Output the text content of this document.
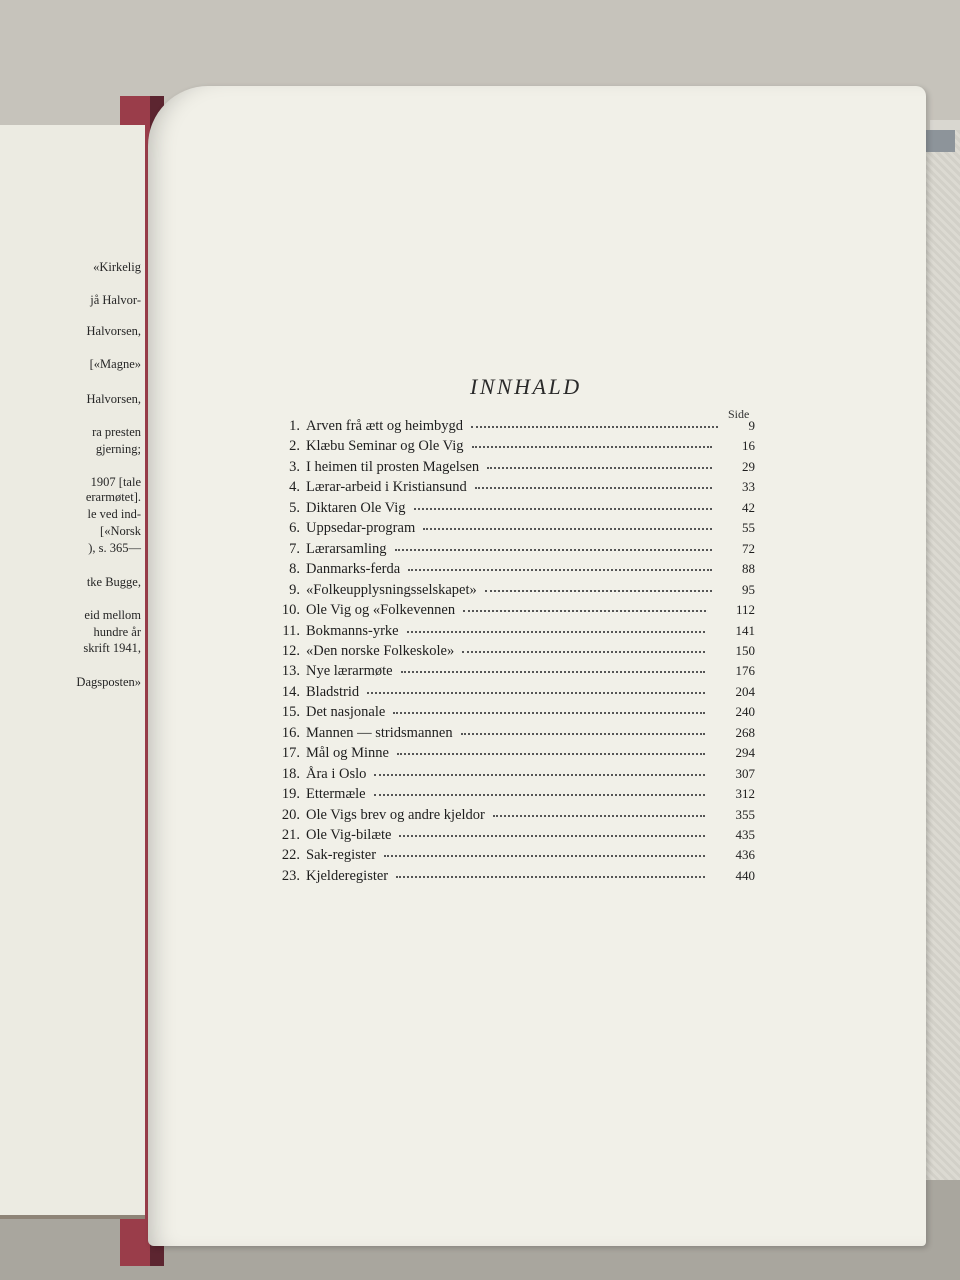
«Kirkelig
jå Halvor-
Halvorsen,
[«Magne»
Halvorsen,
ra presten
gjerning;
1907 [tale
erarmøtet].
le ved ind-
[«Norsk
), s. 365—
tke Bugge,
eid mellom
hundre år
skrift 1941,
Dagsposten»
INNHALD
Side
1. Arven frå ætt og heimbygd	9
2. Klæbu Seminar og Ole Vig	16
3. I heimen til prosten Magelsen	29
4. Lærar-arbeid i Kristiansund	33
5. Diktaren Ole Vig	42
6. Uppsedar-program	55
7. Lærarsamling	72
8. Danmarks-ferda	88
9. «Folkeupplysningsselskapet»	95
10. Ole Vig og «Folkevennen	112
11. Bokmanns-yrke	141
12. «Den norske Folkeskole»	150
13. Nye lærarmøte	176
14. Bladstrid	204
15. Det nasjonale	240
16. Mannen — stridsmannen	268
17. Mål og Minne	294
18. Åra i Oslo	307
19. Ettermæle	312
20. Ole Vigs brev og andre kjeldor	355
21. Ole Vig-bilæte	435
22. Sak-register	436
23. Kjelderegister	440
